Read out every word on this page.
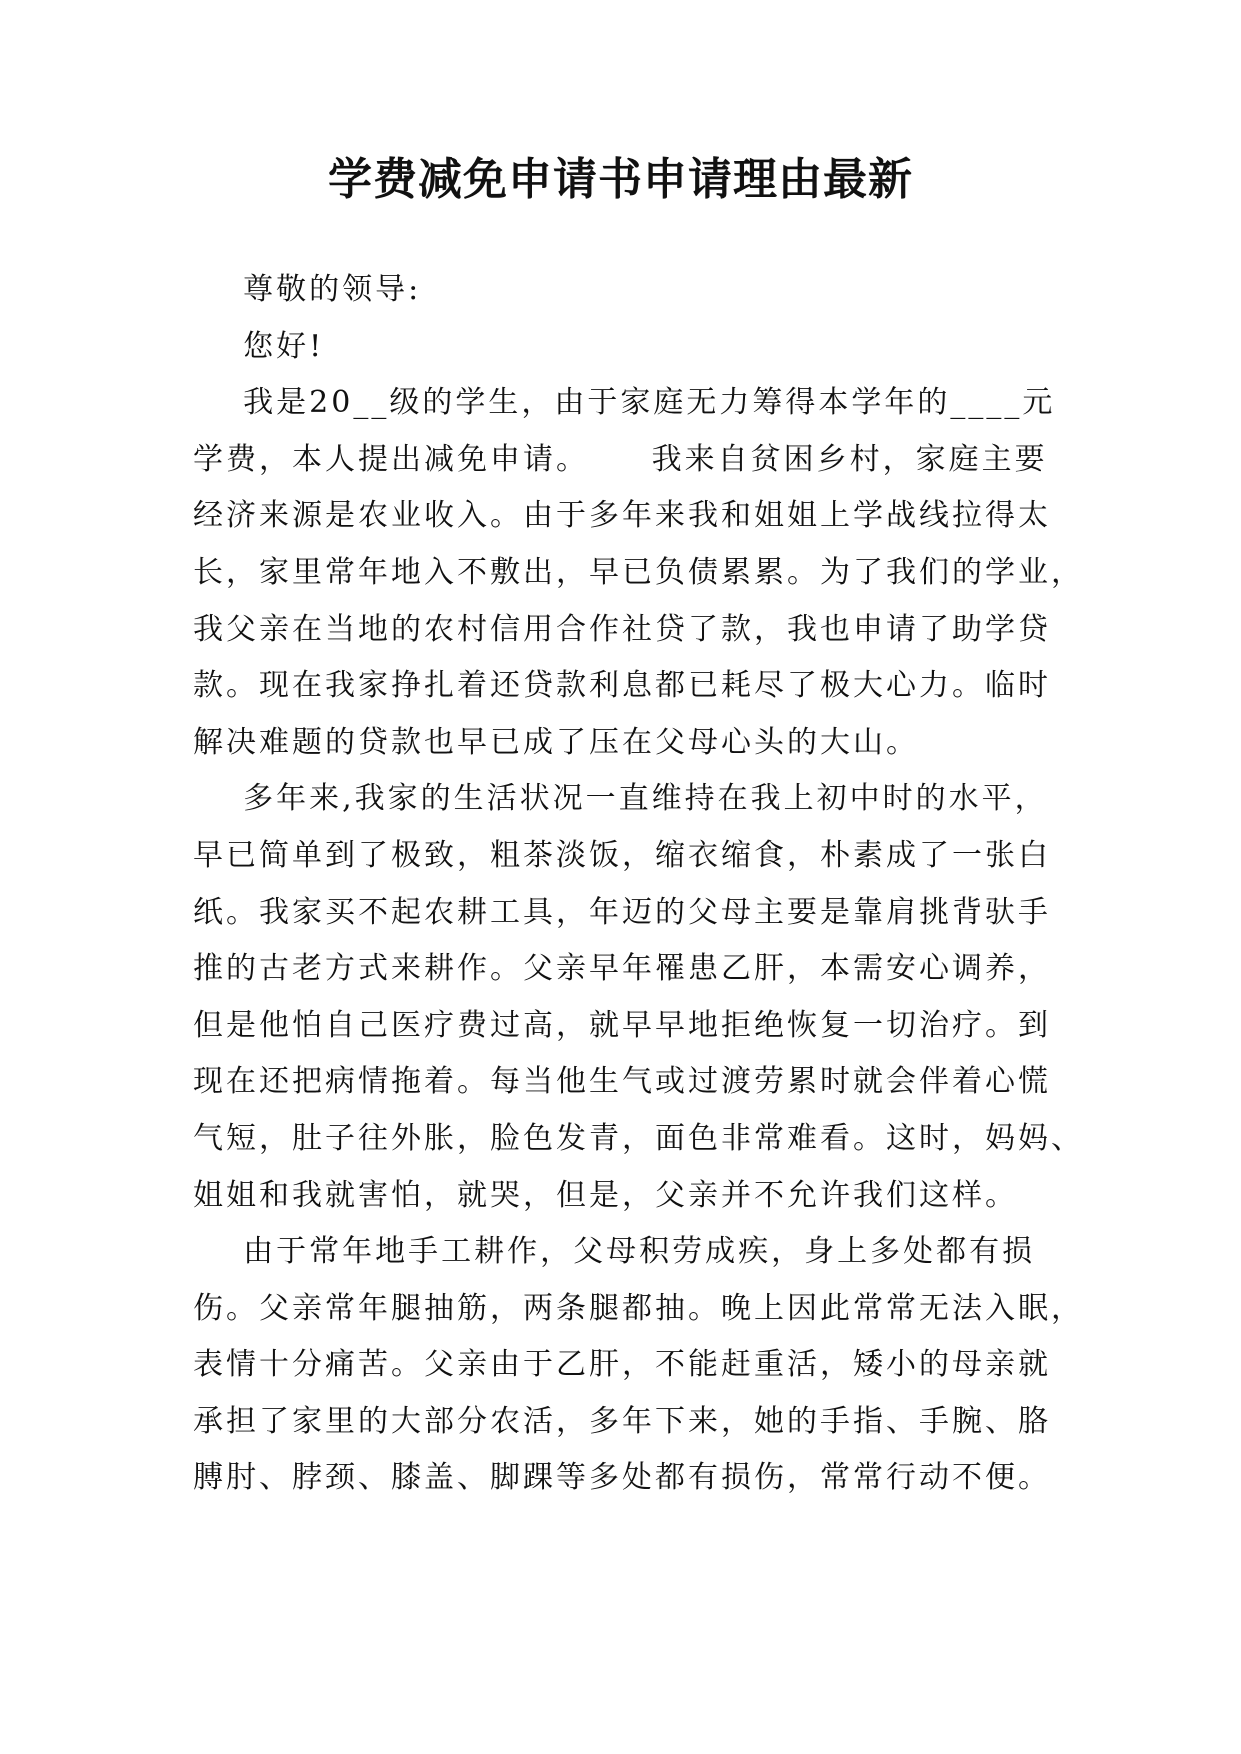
学费减免申请书申请理由最新
尊敬的领导:
您好!
我是20__级的学生，由于家庭无力筹得本学年的____元
学费，本人提出减免申请。     我来自贫困乡村，家庭主要
经济来源是农业收入。由于多年来我和姐姐上学战线拉得太
长，家里常年地入不敷出，早已负债累累。为了我们的学业，
我父亲在当地的农村信用合作社贷了款，我也申请了助学贷
款。现在我家挣扎着还贷款利息都已耗尽了极大心力。临时
解决难题的贷款也早已成了压在父母心头的大山。
多年来,我家的生活状况一直维持在我上初中时的水平，
早已简单到了极致，粗茶淡饭，缩衣缩食，朴素成了一张白
纸。我家买不起农耕工具，年迈的父母主要是靠肩挑背驮手
推的古老方式来耕作。父亲早年罹患乙肝，本需安心调养，
但是他怕自己医疗费过高，就早早地拒绝恢复一切治疗。到
现在还把病情拖着。每当他生气或过渡劳累时就会伴着心慌
气短，肚子往外胀，脸色发青，面色非常难看。这时，妈妈、
姐姐和我就害怕，就哭，但是，父亲并不允许我们这样。
由于常年地手工耕作，父母积劳成疾，身上多处都有损
伤。父亲常年腿抽筋，两条腿都抽。晚上因此常常无法入眠，
表情十分痛苦。父亲由于乙肝，不能赶重活，矮小的母亲就
承担了家里的大部分农活，多年下来，她的手指、手腕、胳
膊肘、脖颈、膝盖、脚踝等多处都有损伤，常常行动不便。
